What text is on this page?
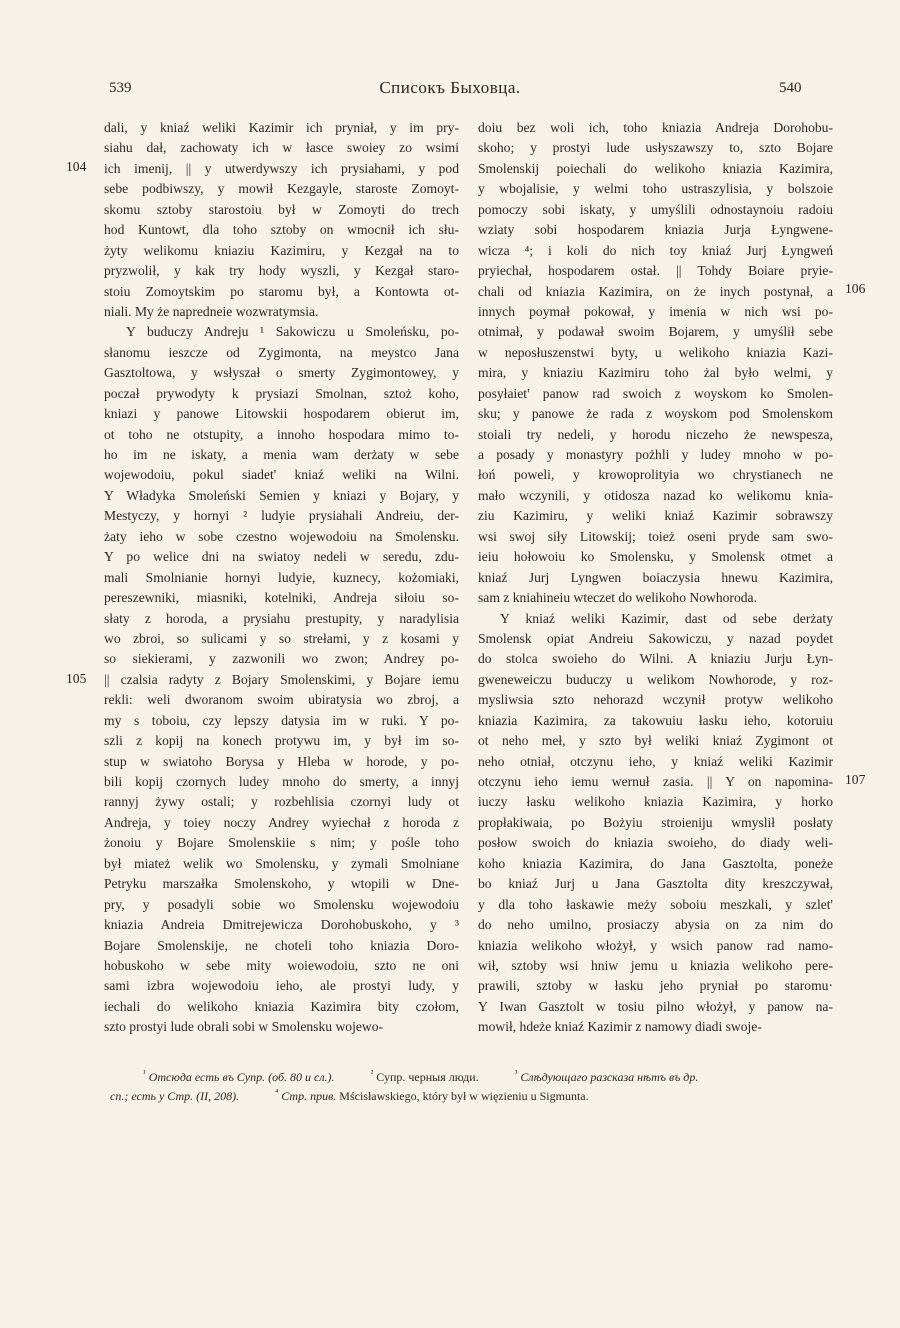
539	Списокъ Быховца.	540
dali, y kniaź weliki Kazimir ich pryniał, y im pry-
siahu dał, zachowaty ich w łasce swoiey zo wsimi
ich imenij, || y utwerdywszy ich prysiahami, y pod
sebe podbiwszy, y mowił Kezgayle, staroste Zomoyt-
skomu sztoby starostoiu był w Zomoyti do trech
hod Kuntowt, dla toho sztoby on wmocnił ich słu-
żyty welikomu kniaziu Kazimiru, y Kezgał na to
pryzwolił, y kak try hody wyszli, y Kezgał staro-
stoiu Zomoytskim po staromu był, a Kontowta ot-
niali. My że napredneie wozwratymsia.
Y buduczy Andreju ¹ Sakowiczu u Smoleńsku, po-
słanomu ieszcze od Zygimonta, na meystco Jana
Gasztoltowa, y wsłyszał o smerty Zygimontowey, y
poczał prywodyty k prysiazi Smolnan, sztoż koho,
kniazi y panowe Litowskii hospodarem obierut im,
ot toho ne otstupity, a innoho hospodara mimo to-
ho im ne iskaty, a menia wam derżaty w sebe
wojewodoiu, pokul siadet' kniaź weliki na Wilni.
Y Władyka Smoleński Semien y kniazi y Bojary, y
Mestyczy, y hornyi ² ludyie prysiahali Andreiu, der-
żaty ieho w sobe czestno wojewodoiu na Smolensku.
Y po welice dni na swiatoy nedeli w seredu, zdu-
mali Smolnianie hornyi ludyie, kuznecy, kożomiaki,
pereszewniki, miasniki, kotelniki, Andreja siłoiu so-
słaty z horoda, a prysiahu prestupity, y naradylisia
wo zbroi, so sulicami y so strełami, y z kosami y
so siekierami, y zazwonili wo zwon; Andrey po-
|| czalsia radyty z Bojary Smolenskimi, y Bojare iemu
rekli: weli dworanom swoim ubiratysia wo zbroj, a
my s toboiu, czy lepszy datysia im w ruki. Y po-
szli z kopij na konech protywu im, y był im so-
stup w swiatoho Borysa y Hleba w horode, y po-
bili kopij czornych ludey mnoho do smerty, a innyj
rannyj żywy ostali; y rozbehlisia czornyi ludy ot
Andreja, y toiey noczy Andrey wyiechał z horoda z
żonoiu y Bojare Smolenskiie s nim; y pośle toho
był miateż welik wo Smolensku, y zymali Smolniane
Petryku marszałka Smolenskoho, y wtopili w Dne-
pry, y posadyli sobie wo Smolensku wojewodoiu
kniazia Andreia Dmitrejewicza Dorohobuskoho, y ³
Bojare Smolenskije, ne choteli toho kniazia Doro-
hobuskoho w sebe mity woiewodoiu, szto ne oni
sami izbra wojewodoiu ieho, ale prostyi ludy, y
iechali do welikoho kniazia Kazimira bity czołom,
szto prostyi lude obrali sobi w Smolensku wojewo-
doiu bez woli ich, toho kniazia Andreja Dorohobu-
skoho; y prostyi lude usłyszawszy to, szto Bojare
Smolenskij poiechali do welikoho kniazia Kazimira,
y wbojalisie, y welmi toho ustraszylisia, y bolszoie
pomoczy sobi iskaty, y umyślili odnostaynoiu radoiu
wziaty sobi hospodarem kniazia Jurja Łyngwene-
wicza ⁴; i koli do nich toy kniaź Jurj Łyngweń
pryiechał, hospodarem ostał. || Tohdy Boiare pryie-
chali od kniazia Kazimira, on że inych postynał, a
innych poymał pokował, y imenia w nich wsi po-
otnimał, y podawał swoim Bojarem, y umyślił sebe
w neposłuszenstwi byty, u welikoho kniazia Kazi-
mira, y kniaziu Kazimiru toho żal było welmi, y
posyłaiet' panow rad swoich z woyskom ko Smolen-
sku; y panowe że rada z woyskom pod Smolenskom
stoiali try nedeli, y horodu niczeho że newspesza,
a posady y monastyry pożhli y ludey mnoho w po-
łoń poweli, y krowoprolityia wo chrystianech ne
mało wczynili, y otidosza nazad ko welikomu knia-
ziu Kazimiru, y weliki kniaź Kazimir sobrawszy
wsi swoj siły Litowskij; toież oseni pryde sam swo-
ieiu hołowoiu ko Smolensku, y Smolensk otmet a
kniaź Jurj Lyngwen boiaczysia hnewu Kazimira,
sam z kniahineiu wteczet do welikoho Nowhoroda.
Y kniaź weliki Kazimir, dast od sebe derżaty
Smolensk opiat Andreiu Sakowiczu, y nazad poydet
do stolca swoieho do Wilni. A kniaziu Jurju Łyn-
gweneweiczu buduczy u welikom Nowhorode, y roz-
mysliwsia szto nehorazd wczynił protyw welikoho
kniazia Kazimira, za takowuiu łasku ieho, kotoruiu
ot neho meł, y szto był weliki kniaź Zygimont ot
neho otniał, otczynu ieho, y kniaź weliki Kazimir
otczynu ieho iemu wernuł zasia. || Y on napomina-
iuczy łasku welikoho kniazia Kazimira, y horko
propłakiwaia, po Bożyiu stroieniju wmyslił posłaty
posłow swoich do kniazia swoieho, do diady weli-
koho kniazia Kazimira, do Jana Gasztolta, poneże
bo kniaź Jurj u Jana Gasztolta dity kreszczywał,
y dla toho łaskawie meży soboiu meszkali, y szlet'
do neho umilno, prosiaczy abysia on za nim do
kniazia welikoho włożył, y wsich panow rad namo-
wił, sztoby wsi hniw jemu u kniazia welikoho pere-
prawili, sztoby w łasku jeho pryniał po staromu·
Y Iwan Gasztolt w tosiu pilno włożył, y panow na-
mowił, hdeże kniaź Kazimir z namowy diadi swoje-
104
105
106
107
$^{^1}$ Отсюда есть въ Супр. (об. 80 и сл.).	$^{^2}$ Супр. черныя люди.	$^{^3}$ Слѣдующаго разсказа нѣтъ въ др.
сп.; есть у Стр. (II, 208).	$^{^4}$ Стр. прив. Mścisławskiego, który był w więzieniu u Sigmunta.
